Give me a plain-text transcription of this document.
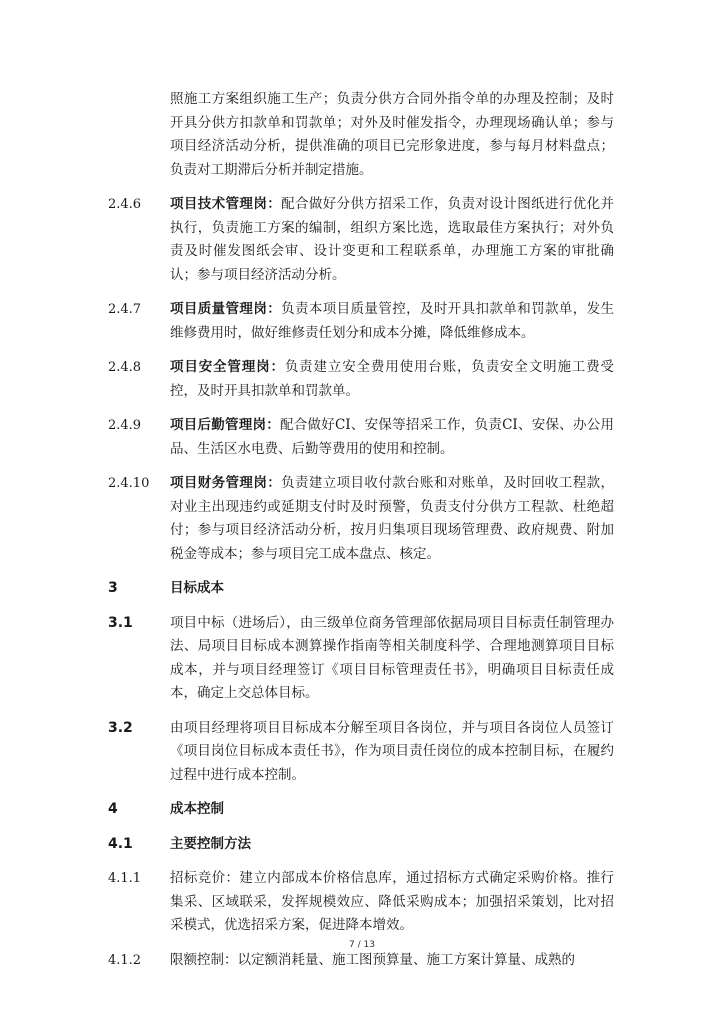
照施工方案组织施工生产；负责分供方合同外指令单的办理及控制；及时开具分供方扣款单和罚款单；对外及时催发指令，办理现场确认单；参与项目经济活动分析，提供准确的项目已完形象进度，参与每月材料盘点；负责对工期滞后分析并制定措施。
2.4.6	项目技术管理岗：配合做好分供方招采工作，负责对设计图纸进行优化并执行，负责施工方案的编制，组织方案比选，选取最佳方案执行；对外负责及时催发图纸会审、设计变更和工程联系单，办理施工方案的审批确认；参与项目经济活动分析。
2.4.7	项目质量管理岗：负责本项目质量管控，及时开具扣款单和罚款单，发生维修费用时，做好维修责任划分和成本分摊，降低维修成本。
2.4.8	项目安全管理岗：负责建立安全费用使用台账，负责安全文明施工费受控，及时开具扣款单和罚款单。
2.4.9	项目后勤管理岗：配合做好CI、安保等招采工作，负责CI、安保、办公用品、生活区水电费、后勤等费用的使用和控制。
2.4.10	项目财务管理岗：负责建立项目收付款台账和对账单，及时回收工程款，对业主出现违约或延期支付时及时预警，负责支付分供方工程款、杜绝超付；参与项目经济活动分析，按月归集项目现场管理费、政府规费、附加税金等成本；参与项目完工成本盘点、核定。
3	目标成本
3.1	项目中标（进场后），由三级单位商务管理部依据局项目目标责任制管理办法、局项目目标成本测算操作指南等相关制度科学、合理地测算项目目标成本，并与项目经理签订《项目目标管理责任书》，明确项目目标责任成本，确定上交总体目标。
3.2	由项目经理将项目目标成本分解至项目各岗位，并与项目各岗位人员签订《项目岗位目标成本责任书》，作为项目责任岗位的成本控制目标，在履约过程中进行成本控制。
4	成本控制
4.1	主要控制方法
4.1.1	招标竞价：建立内部成本价格信息库，通过招标方式确定采购价格。推行集采、区域联采，发挥规模效应、降低采购成本；加强招采策划，比对招采模式，优选招采方案，促进降本增效。
4.1.2	限额控制：以定额消耗量、施工图预算量、施工方案计算量、成熟的
7 / 13
